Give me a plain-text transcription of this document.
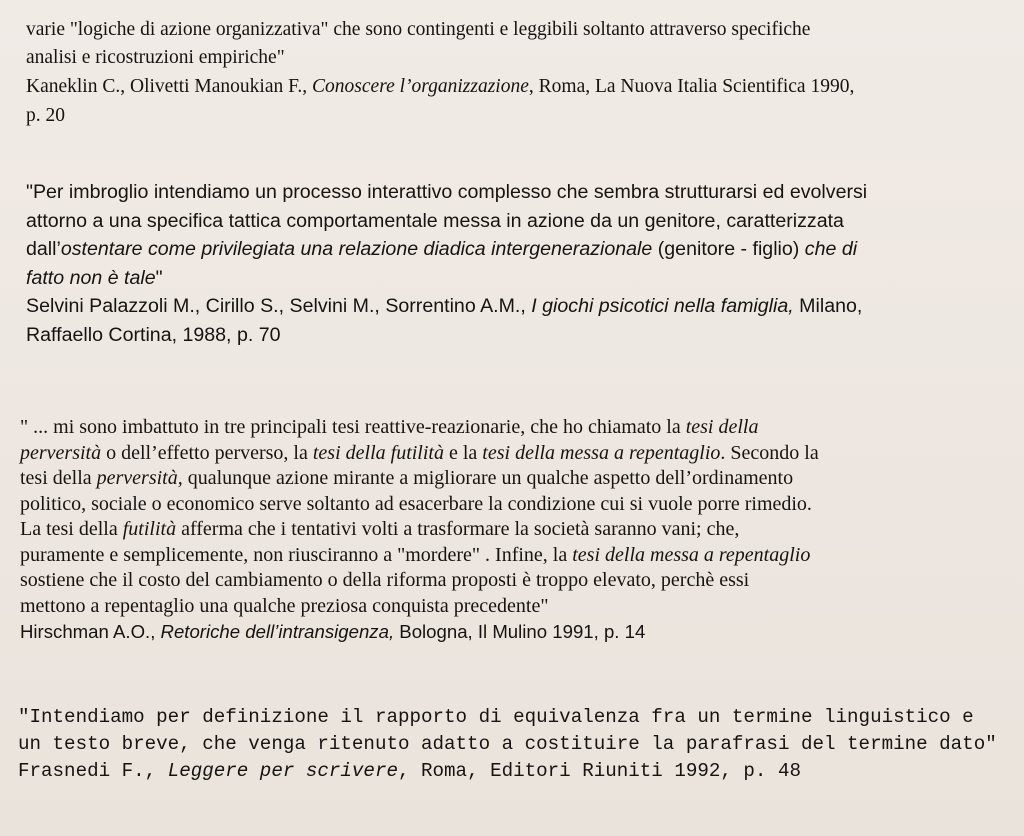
varie "logiche di azione organizzativa" che sono contingenti e leggibili soltanto attraverso specifiche
analisi e ricostruzioni empiriche"
Kaneklin C., Olivetti Manoukian F., Conoscere l’organizzazione, Roma, La Nuova Italia Scientifica 1990,
p. 20
"Per imbroglio intendiamo un processo interattivo complesso che sembra strutturarsi ed evolversi
attorno a una specifica tattica comportamentale messa in azione da un genitore, caratterizzata
dall’ostentare come privilegiata una relazione diadica intergenerazionale (genitore - figlio) che di
fatto non è tale"
Selvini Palazzoli M., Cirillo S., Selvini M., Sorrentino A.M., I giochi psicotici nella famiglia, Milano,
Raffaello Cortina, 1988, p. 70
" ... mi sono imbattuto in tre principali tesi reattive-reazionarie, che ho chiamato la tesi della
perversità o dell’effetto perverso, la tesi della futilità e la tesi della messa a repentaglio. Secondo la
tesi della perversità, qualunque azione mirante a migliorare un qualche aspetto dell’ordinamento
politico, sociale o economico serve soltanto ad esacerbare la condizione cui si vuole porre rimedio.
La tesi della futilità afferma che i tentativi volti a trasformare la società saranno vani; che,
puramente e semplicemente, non riusciranno a "mordere" . Infine, la tesi della messa a repentaglio
sostiene che il costo del cambiamento o della riforma proposti è troppo elevato, perchè essi
mettono a repentaglio una qualche preziosa conquista precedente"
Hirschman A.O., Retoriche dell’intransigenza, Bologna, Il Mulino 1991, p. 14
"Intendiamo per definizione il rapporto di equivalenza fra un termine linguistico e
un testo breve, che venga ritenuto adatto a costituire la parafrasi del termine dato"
Frasnedi F., Leggere per scrivere, Roma, Editori Riuniti 1992, p. 48
